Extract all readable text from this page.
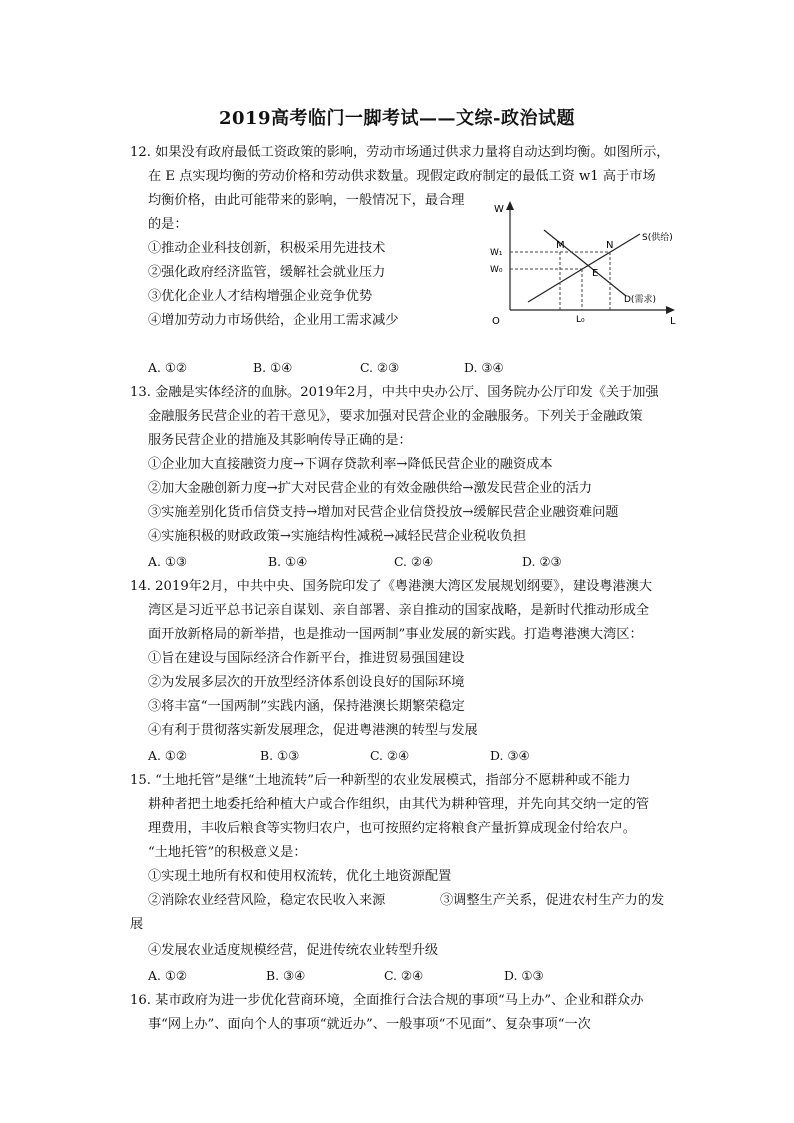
2019高考临门一脚考试——文综-政治试题
12. 如果没有政府最低工资政策的影响，劳动市场通过供求力量将自动达到均衡。如图所示，
在 E 点实现均衡的劳动价格和劳动供求数量。现假定政府制定的最低工资 w1 高于市场
均衡价格，由此可能带来的影响，一般情况下，最合理
的是：
①推动企业科技创新，积极采用先进技术
②强化政府经济监管，缓解社会就业压力
③优化企业人才结构增强企业竞争优势
④增加劳动力市场供给，企业用工需求减少
W
L
O
W₁
W₀
L₀
M	N
E
S(供给)
D(需求)
A. ①②	B. ①④	C. ②③	D. ③④
13. 金融是实体经济的血脉。2019年2月，中共中央办公厅、国务院办公厅印发《关于加强
金融服务民营企业的若干意见》，要求加强对民营企业的金融服务。下列关于金融政策
服务民营企业的措施及其影响传导正确的是：
①企业加大直接融资力度→下调存贷款利率→降低民营企业的融资成本
②加大金融创新力度→扩大对民营企业的有效金融供给→激发民营企业的活力
③实施差别化货币信贷支持→增加对民营企业信贷投放→缓解民营企业融资难问题
④实施积极的财政政策→实施结构性减税→减轻民营企业税收负担
A. ①③	B. ①④	C. ②④	D. ②③
14. 2019年2月，中共中央、国务院印发了《粤港澳大湾区发展规划纲要》，建设粤港澳大
湾区是习近平总书记亲自谋划、亲自部署、亲自推动的国家战略，是新时代推动形成全
面开放新格局的新举措，也是推动一国两制”事业发展的新实践。打造粤港澳大湾区：
①旨在建设与国际经济合作新平台，推进贸易强国建设
②为发展多层次的开放型经济体系创设良好的国际环境
③将丰富“一国两制”实践内涵，保持港澳长期繁荣稳定
④有利于贯彻落实新发展理念，促进粤港澳的转型与发展
A. ①②	B. ①③	C. ②④	D. ③④
15. “土地托管”是继“土地流转”后一种新型的农业发展模式，指部分不愿耕种或不能力
耕种者把土地委托给种植大户或合作组织，由其代为耕种管理，并先向其交纳一定的管
理费用，丰收后粮食等实物归农户，也可按照约定将粮食产量折算成现金付给农户。
“土地托管”的积极意义是：
①实现土地所有权和使用权流转，优化土地资源配置
②消除农业经营风险，稳定农民收入来源	③调整生产关系，促进农村生产力的发
展
④发展农业适度规模经营，促进传统农业转型升级
A. ①②	B. ③④	C. ②④	D. ①③
16. 某市政府为进一步优化营商环境，全面推行合法合规的事项“马上办”、企业和群众办
事“网上办”、面向个人的事项“就近办”、一般事项“不见面”、复杂事项“一次
